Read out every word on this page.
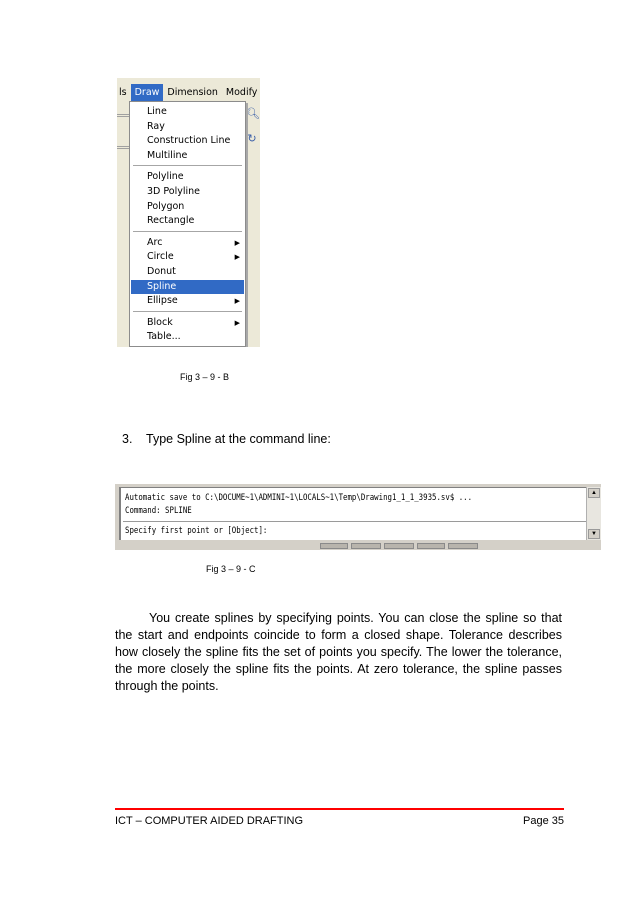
ls Draw Dimension Modify
🔍︎
↻
Line
Ray
Construction Line
Multiline
Polyline
3D Polyline
Polygon
Rectangle
Arc	▶
Circle	▶
Donut
Spline
Ellipse	▶
Block	▶
Table...
Fig 3 – 9 - B
3. Type Spline at the command line:
Automatic save to C:\DOCUME~1\ADMINI~1\LOCALS~1\Temp\Drawing1_1_1_3935.sv$ ...
Command: SPLINE
Specify first point or [Object]:
▲
▼
Fig 3 – 9 - C
You create splines by specifying points. You can close the spline so that the start and endpoints coincide to form a closed shape. Tolerance describes how closely the spline fits the set of points you specify. The lower the tolerance, the more closely the spline fits the points. At zero tolerance, the spline passes through the points.
ICT – COMPUTER AIDED DRAFTING	Page 35
